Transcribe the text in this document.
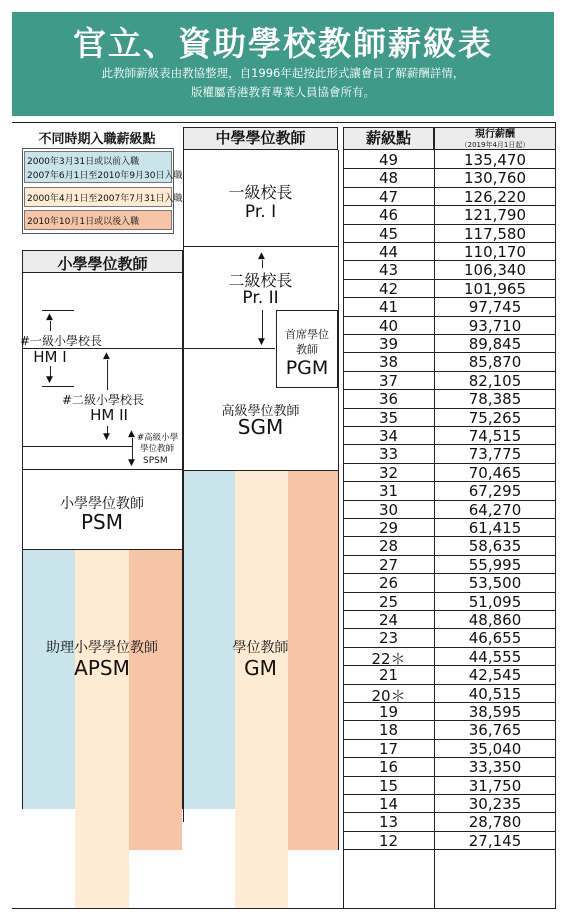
官立、資助學校教師薪級表
此教師薪級表由教協整理，自1996年起按此形式讓會員了解薪酬詳情，
版權屬香港教育專業人員協會所有。
不同時期入職薪級點
2000年3月31日或以前入職
2007年6月1日至2010年9月30日入職
2000年4月1日至2007年7月31日入職
2010年10月1日或以後入職
中學學位教師	薪級點	現行薪酬
（2019年4月1日起）
49	135,470
48	130,760
47	126,220
46	121,790
45	117,580
44	110,170
43	106,340
42	101,965
41	97,745
40	93,710
39	89,845
38	85,870
37	82,105
36	78,385
35	75,265
34	74,515
33	73,775
32	70,465
31	67,295
30	64,270
29	61,415
28	58,635
27	55,995
26	53,500
25	51,095
24	48,860
23	46,655
22＊	44,555
21	42,545
20＊	40,515
19	38,595
18	36,765
17	35,040
16	33,350
15	31,750
14	30,235
13	28,780
12	27,145
一級校長
Pr. I
▲
二級校長
Pr. II
▼
首席學位
教師
PGM
高級學位教師
SGM
學位教師
GM
小學學位教師
▲
#一級小學校長
HM I
▼
▲
#二級小學校長
HM II
▼ ▲
▼
#高級小學
學位教師
SPSM
小學學位教師
PSM
助理小學學位教師
APSM
